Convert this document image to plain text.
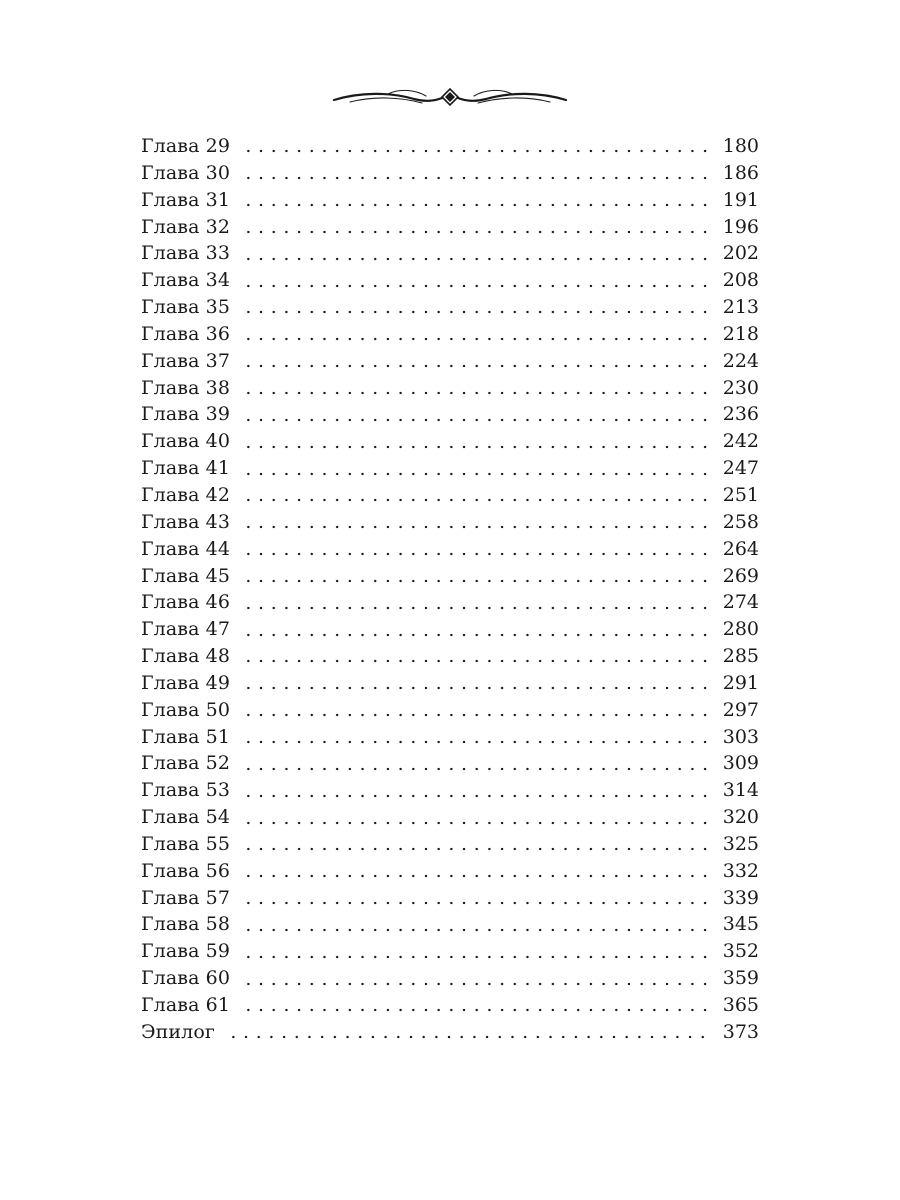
Глава 29	180
Глава 30	186
Глава 31	191
Глава 32	196
Глава 33	202
Глава 34	208
Глава 35	213
Глава 36	218
Глава 37	224
Глава 38	230
Глава 39	236
Глава 40	242
Глава 41	247
Глава 42	251
Глава 43	258
Глава 44	264
Глава 45	269
Глава 46	274
Глава 47	280
Глава 48	285
Глава 49	291
Глава 50	297
Глава 51	303
Глава 52	309
Глава 53	314
Глава 54	320
Глава 55	325
Глава 56	332
Глава 57	339
Глава 58	345
Глава 59	352
Глава 60	359
Глава 61	365
Эпилог	373
